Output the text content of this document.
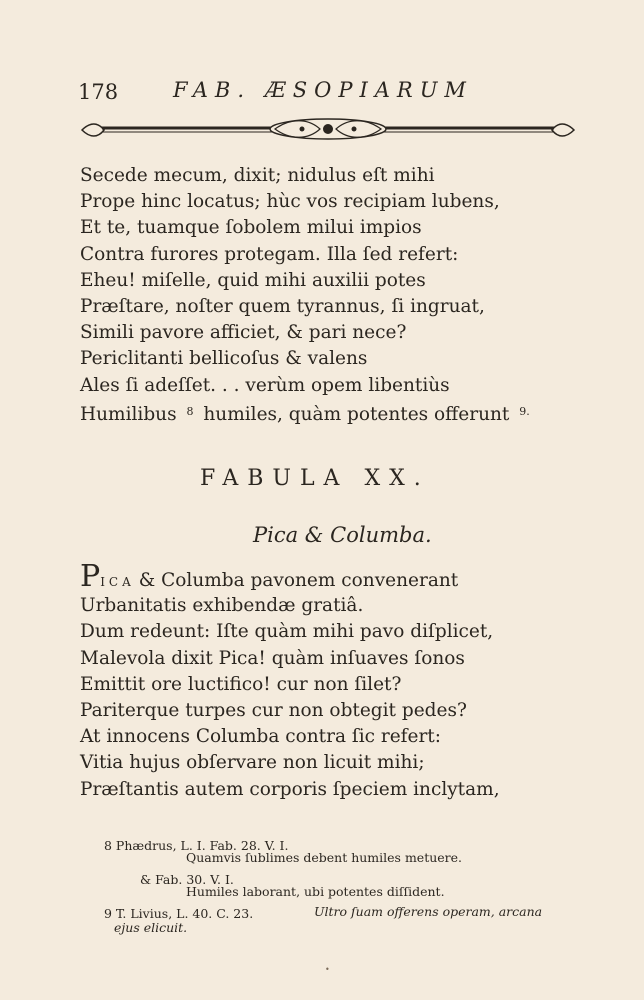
178	FAB. ÆSOPIARUM
Secede mecum, dixit; nidulus eſt mihi
Prope hinc locatus; hùc vos recipiam lubens,
Et te, tuamque ſobolem milui impios
Contra furores protegam. Illa ſed refert:
Eheu! miſelle, quid mihi auxilii potes
Præſtare, noſter quem tyrannus, ſi ingruat,
Simili pavore afficiet, & pari nece?
Periclitanti bellicoſus & valens
Ales ſi adeſſet. . . verùm opem libentiùs
Humilibus $^8$ humiles, quàm potentes offerunt $^{9.}$
FABULA XX.
Pica & Columba.
PICA & Columba pavonem convenerant
Urbanitatis exhibendæ gratiâ.
Dum redeunt: Iſte quàm mihi pavo diſplicet,
Malevola dixit Pica! quàm inſuaves ſonos
Emittit ore luctifico! cur non ſilet?
Pariterque turpes cur non obtegit pedes?
At innocens Columba contra ſic refert:
Vitia hujus obſervare non licuit mihi;
Præſtantis autem corporis ſpeciem inclytam,
8 Phædrus, L. I. Fab. 28. V. I.
Quamvis ſublimes debent humiles metuere.
& Fab. 30. V. I.
Humiles laborant, ubi potentes diſſident.
9 T. Livius, L. 40. C. 23.	Ultro ſuam offerens operam, arcana
ejus elicuit.
•
